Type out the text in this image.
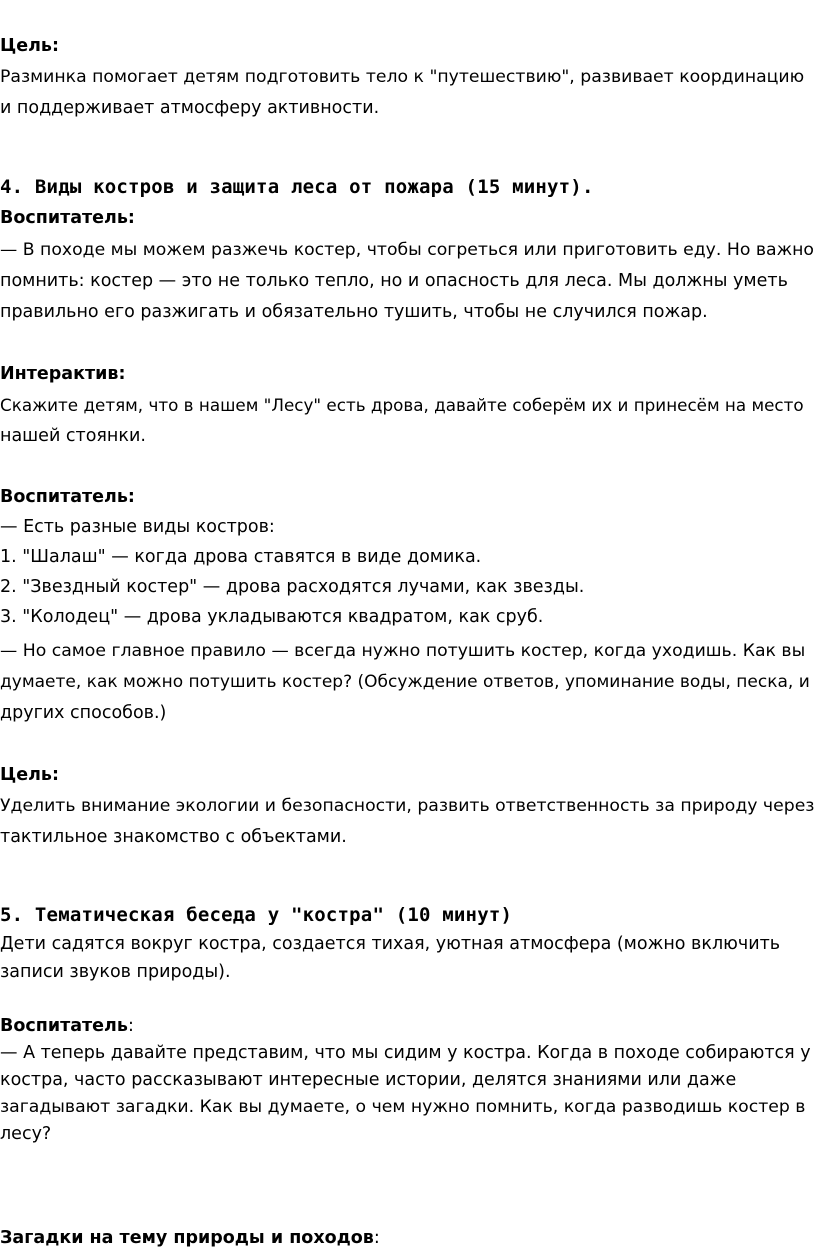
Цель:
Разминка помогает детям подготовить тело к "путешествию", развивает координацию
и поддерживает атмосферу активности.
4. Виды костров и защита леса от пожара (15 минут).
Воспитатель:
— В походе мы можем разжечь костер, чтобы согреться или приготовить еду. Но важно
помнить: костер — это не только тепло, но и опасность для леса. Мы должны уметь
правильно его разжигать и обязательно тушить, чтобы не случился пожар.
Интерактив:
Скажите детям, что в нашем "Лесу" есть дрова, давайте соберём их и принесём на место
нашей стоянки.
Воспитатель:
— Есть разные виды костров:
1. "Шалаш" — когда дрова ставятся в виде домика.
2. "Звездный костер" — дрова расходятся лучами, как звезды.
3. "Колодец" — дрова укладываются квадратом, как сруб.
— Но самое главное правило — всегда нужно потушить костер, когда уходишь. Как вы
думаете, как можно потушить костер? (Обсуждение ответов, упоминание воды, песка, и
других способов.)
Цель:
Уделить внимание экологии и безопасности, развить ответственность за природу через
тактильное знакомство с объектами.
5. Тематическая беседа у "костра" (10 минут)
Дети садятся вокруг костра, создается тихая, уютная атмосфера (можно включить
записи звуков природы).
Воспитатель:
— А теперь давайте представим, что мы сидим у костра. Когда в походе собираются у
костра, часто рассказывают интересные истории, делятся знаниями или даже
загадывают загадки. Как вы думаете, о чем нужно помнить, когда разводишь костер в
лесу?
Загадки на тему природы и походов:
